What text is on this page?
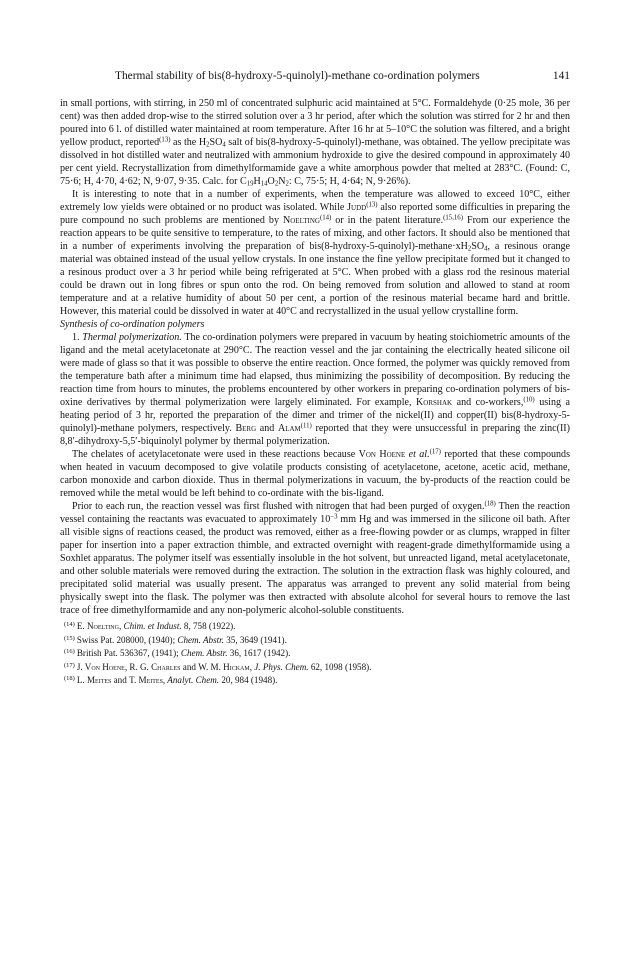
Thermal stability of bis(8-hydroxy-5-quinolyl)-methane co-ordination polymers	141

in small portions, with stirring, in 250 ml of concentrated sulphuric acid maintained at 5°C. Formaldehyde (0·25 mole, 36 per cent) was then added drop-wise to the stirred solution over a 3 hr period, after which the solution was stirred for 2 hr and then poured into 6 l. of distilled water maintained at room temperature. After 16 hr at 5–10°C the solution was filtered, and a bright yellow product, reported$^{(13)}$ as the $H_2SO_4$ salt of bis(8-hydroxy-5-quinolyl)-methane, was obtained. The yellow precipitate was dissolved in hot distilled water and neutralized with ammonium hydroxide to give the desired compound in approximately 40 per cent yield. Recrystallization from dimethylformamide gave a white amorphous powder that melted at 283°C. (Found: C, 75·6; H, 4·70, 4·62; N, 9·07, 9·35. Calc. for $C_{19}H_{14}O_2N_2$: C, 75·5; H, 4·64; N, 9·26%).

It is interesting to note that in a number of experiments, when the temperature was allowed to exceed 10°C, either extremely low yields were obtained or no product was isolated. While Judd$^{(13)}$ also reported some difficulties in preparing the pure compound no such problems are mentioned by Noelting$^{(14)}$ or in the patent literature.$^{(15,16)}$ From our experience the reaction appears to be quite sensitive to temperature, to the rates of mixing, and other factors. It should also be mentioned that in a number of experiments involving the preparation of $bis(8-hydroxy-5-quinolyl)-methane\cdot xH_2SO_4$, a resinous orange material was obtained instead of the usual yellow crystals. In one instance the fine yellow precipitate formed but it changed to a resinous product over a 3 hr period while being refrigerated at 5°C. When probed with a glass rod the resinous material could be drawn out in long fibres or spun onto the rod. On being removed from solution and allowed to stand at room temperature and at a relative humidity of about 50 per cent, a portion of the resinous material became hard and brittle. However, this material could be dissolved in water at 40°C and recrystallized in the usual yellow crystalline form.

Synthesis of co-ordination polymers

1. Thermal polymerization. The co-ordination polymers were prepared in vacuum by heating stoichiometric amounts of the ligand and the metal acetylacetonate at 290°C. The reaction vessel and the jar containing the electrically heated silicone oil were made of glass so that it was possible to observe the entire reaction. Once formed, the polymer was quickly removed from the temperature bath after a minimum time had elapsed, thus minimizing the possibility of decomposition. By reducing the reaction time from hours to minutes, the problems encountered by other workers in preparing co-ordination polymers of bis-oxine derivatives by thermal polymerization were largely eliminated. For example, Korshak and co-workers,$^{(10)}$ using a heating period of 3 hr, reported the preparation of the dimer and trimer of the nickel(II) and copper(II) bis(8-hydroxy-5-quinolyl)-methane polymers, respectively. Berg and Alam$^{(11)}$ reported that they were unsuccessful in preparing the zinc(II) 8,8′-dihydroxy-5,5′-biquinolyl polymer by thermal polymerization.

The chelates of acetylacetonate were used in these reactions because Von Hoene et al.$^{(17)}$ reported that these compounds when heated in vacuum decomposed to give volatile products consisting of acetylacetone, acetone, acetic acid, methane, carbon monoxide and carbon dioxide. Thus in thermal polymerizations in vacuum, the by-products of the reaction could be removed while the metal would be left behind to co-ordinate with the bis-ligand.

Prior to each run, the reaction vessel was first flushed with nitrogen that had been purged of oxygen.$^{(18)}$ Then the reaction vessel containing the reactants was evacuated to approximately $10^{-3}$ mm Hg and was immersed in the silicone oil bath. After all visible signs of reactions ceased, the product was removed, either as a free-flowing powder or as clumps, wrapped in filter paper for insertion into a paper extraction thimble, and extracted overnight with reagent-grade dimethylformamide using a Soxhlet apparatus. The polymer itself was essentially insoluble in the hot solvent, but unreacted ligand, metal acetylacetonate, and other soluble materials were removed during the extraction. The solution in the extraction flask was highly coloured, and precipitated solid material was usually present. The apparatus was arranged to prevent any solid material from being physically swept into the flask. The polymer was then extracted with absolute alcohol for several hours to remove the last trace of free dimethylformamide and any non-polymeric alcohol-soluble constituents.

$^{(14)}$ E. Noelting, Chim. et Indust. 8, 758 (1922).
$^{(15)}$ Swiss Pat. 208000, (1940); Chem. Abstr. 35, 3649 (1941).
$^{(16)}$ British Pat. 536367, (1941); Chem. Abstr. 36, 1617 (1942).
$^{(17)}$ J. Von Hoene, R. G. Charles and W. M. Hickam, J. Phys. Chem. 62, 1098 (1958).
$^{(18)}$ L. Meites and T. Meites, Analyt. Chem. 20, 984 (1948).
